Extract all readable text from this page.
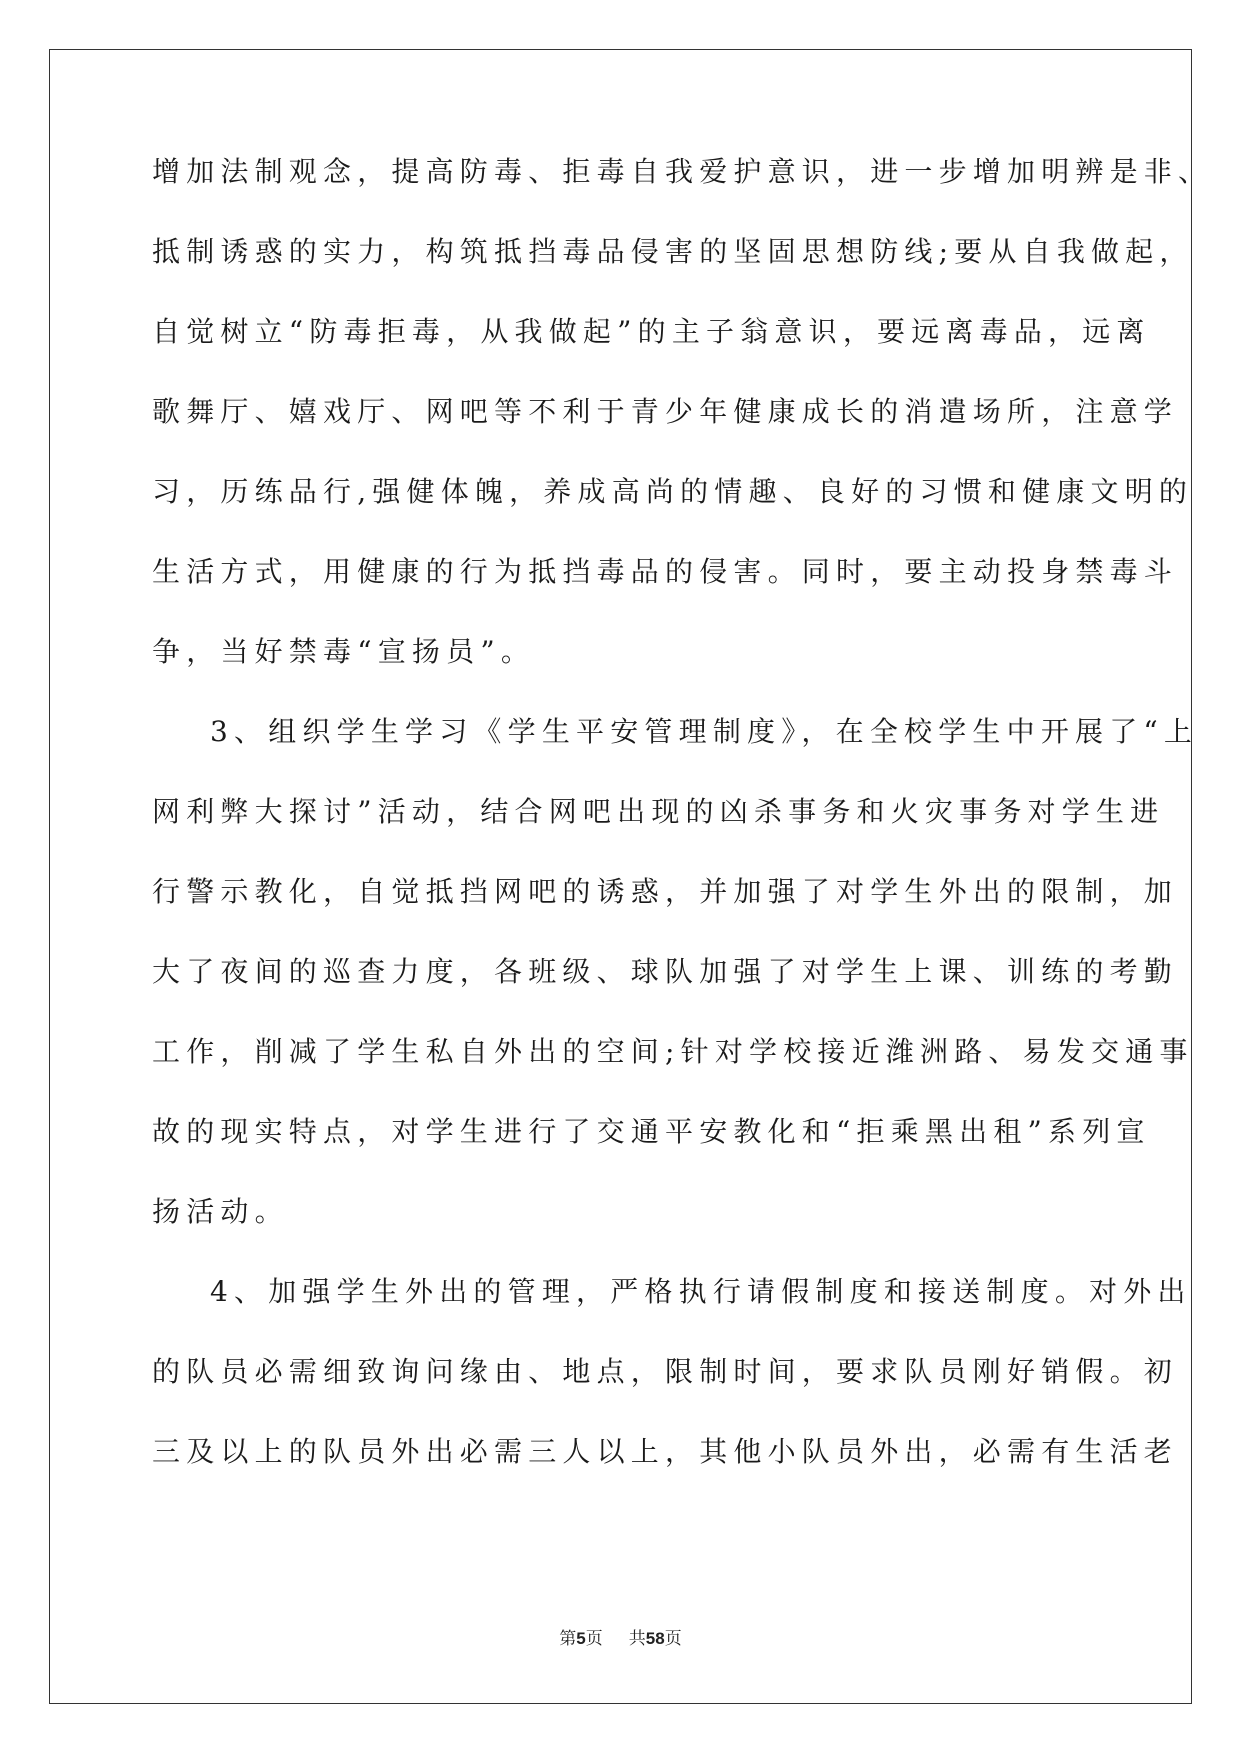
增加法制观念，提高防毒、拒毒自我爱护意识，进一步增加明辨是非、
抵制诱惑的实力，构筑抵挡毒品侵害的坚固思想防线;要从自我做起，
自觉树立“防毒拒毒，从我做起”的主子翁意识，要远离毒品，远离
歌舞厅、嬉戏厅、网吧等不利于青少年健康成长的消遣场所，注意学
习，历练品行,强健体魄，养成高尚的情趣、良好的习惯和健康文明的
生活方式，用健康的行为抵挡毒品的侵害。同时，要主动投身禁毒斗
争，当好禁毒“宣扬员”。
3、组织学生学习《学生平安管理制度》，在全校学生中开展了“上
网利弊大探讨”活动，结合网吧出现的凶杀事务和火灾事务对学生进
行警示教化，自觉抵挡网吧的诱惑，并加强了对学生外出的限制，加
大了夜间的巡查力度，各班级、球队加强了对学生上课、训练的考勤
工作，削减了学生私自外出的空间;针对学校接近潍洲路、易发交通事
故的现实特点，对学生进行了交通平安教化和“拒乘黑出租”系列宣
扬活动。
4、加强学生外出的管理，严格执行请假制度和接送制度。对外出
的队员必需细致询问缘由、地点，限制时间，要求队员刚好销假。初
三及以上的队员外出必需三人以上，其他小队员外出，必需有生活老
第5页 共58页
